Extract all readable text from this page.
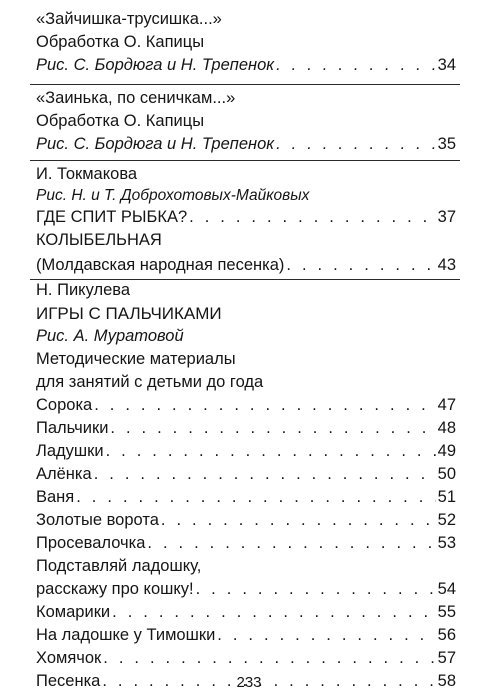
«Зайчишка-трусишка...»
Обработка О. Капицы
Рис. С. Бордюга и Н. Трепенок . . .	34
«Заинька, по сеничкам...»
Обработка О. Капицы
Рис. С. Бордюга и Н. Трепенок . . .	35
И. Токмакова
Рис. Н. и Т. Доброхотовых-Майковых
ГДЕ СПИТ РЫБКА? . . .	37
КОЛЫБЕЛЬНАЯ
(Молдавская народная песенка) . . .	43
Н. Пикулева
ИГРЫ С ПАЛЬЧИКАМИ
Рис. А. Муратовой
Методические материалы
для занятий с детьми до года
Сорока . . .	47
Пальчики . . .	48
Ладушки . . .	49
Алёнка . . .	50
Ваня . . .	51
Золотые ворота . . .	52
Просевалочка . . .	53
Подставляй ладошку,
расскажу про кошку! . . .	54
Комарики . . .	55
На ладошке у Тимошки . . .	56
Хомячок . . .	57
Песенка . . .	58
233
